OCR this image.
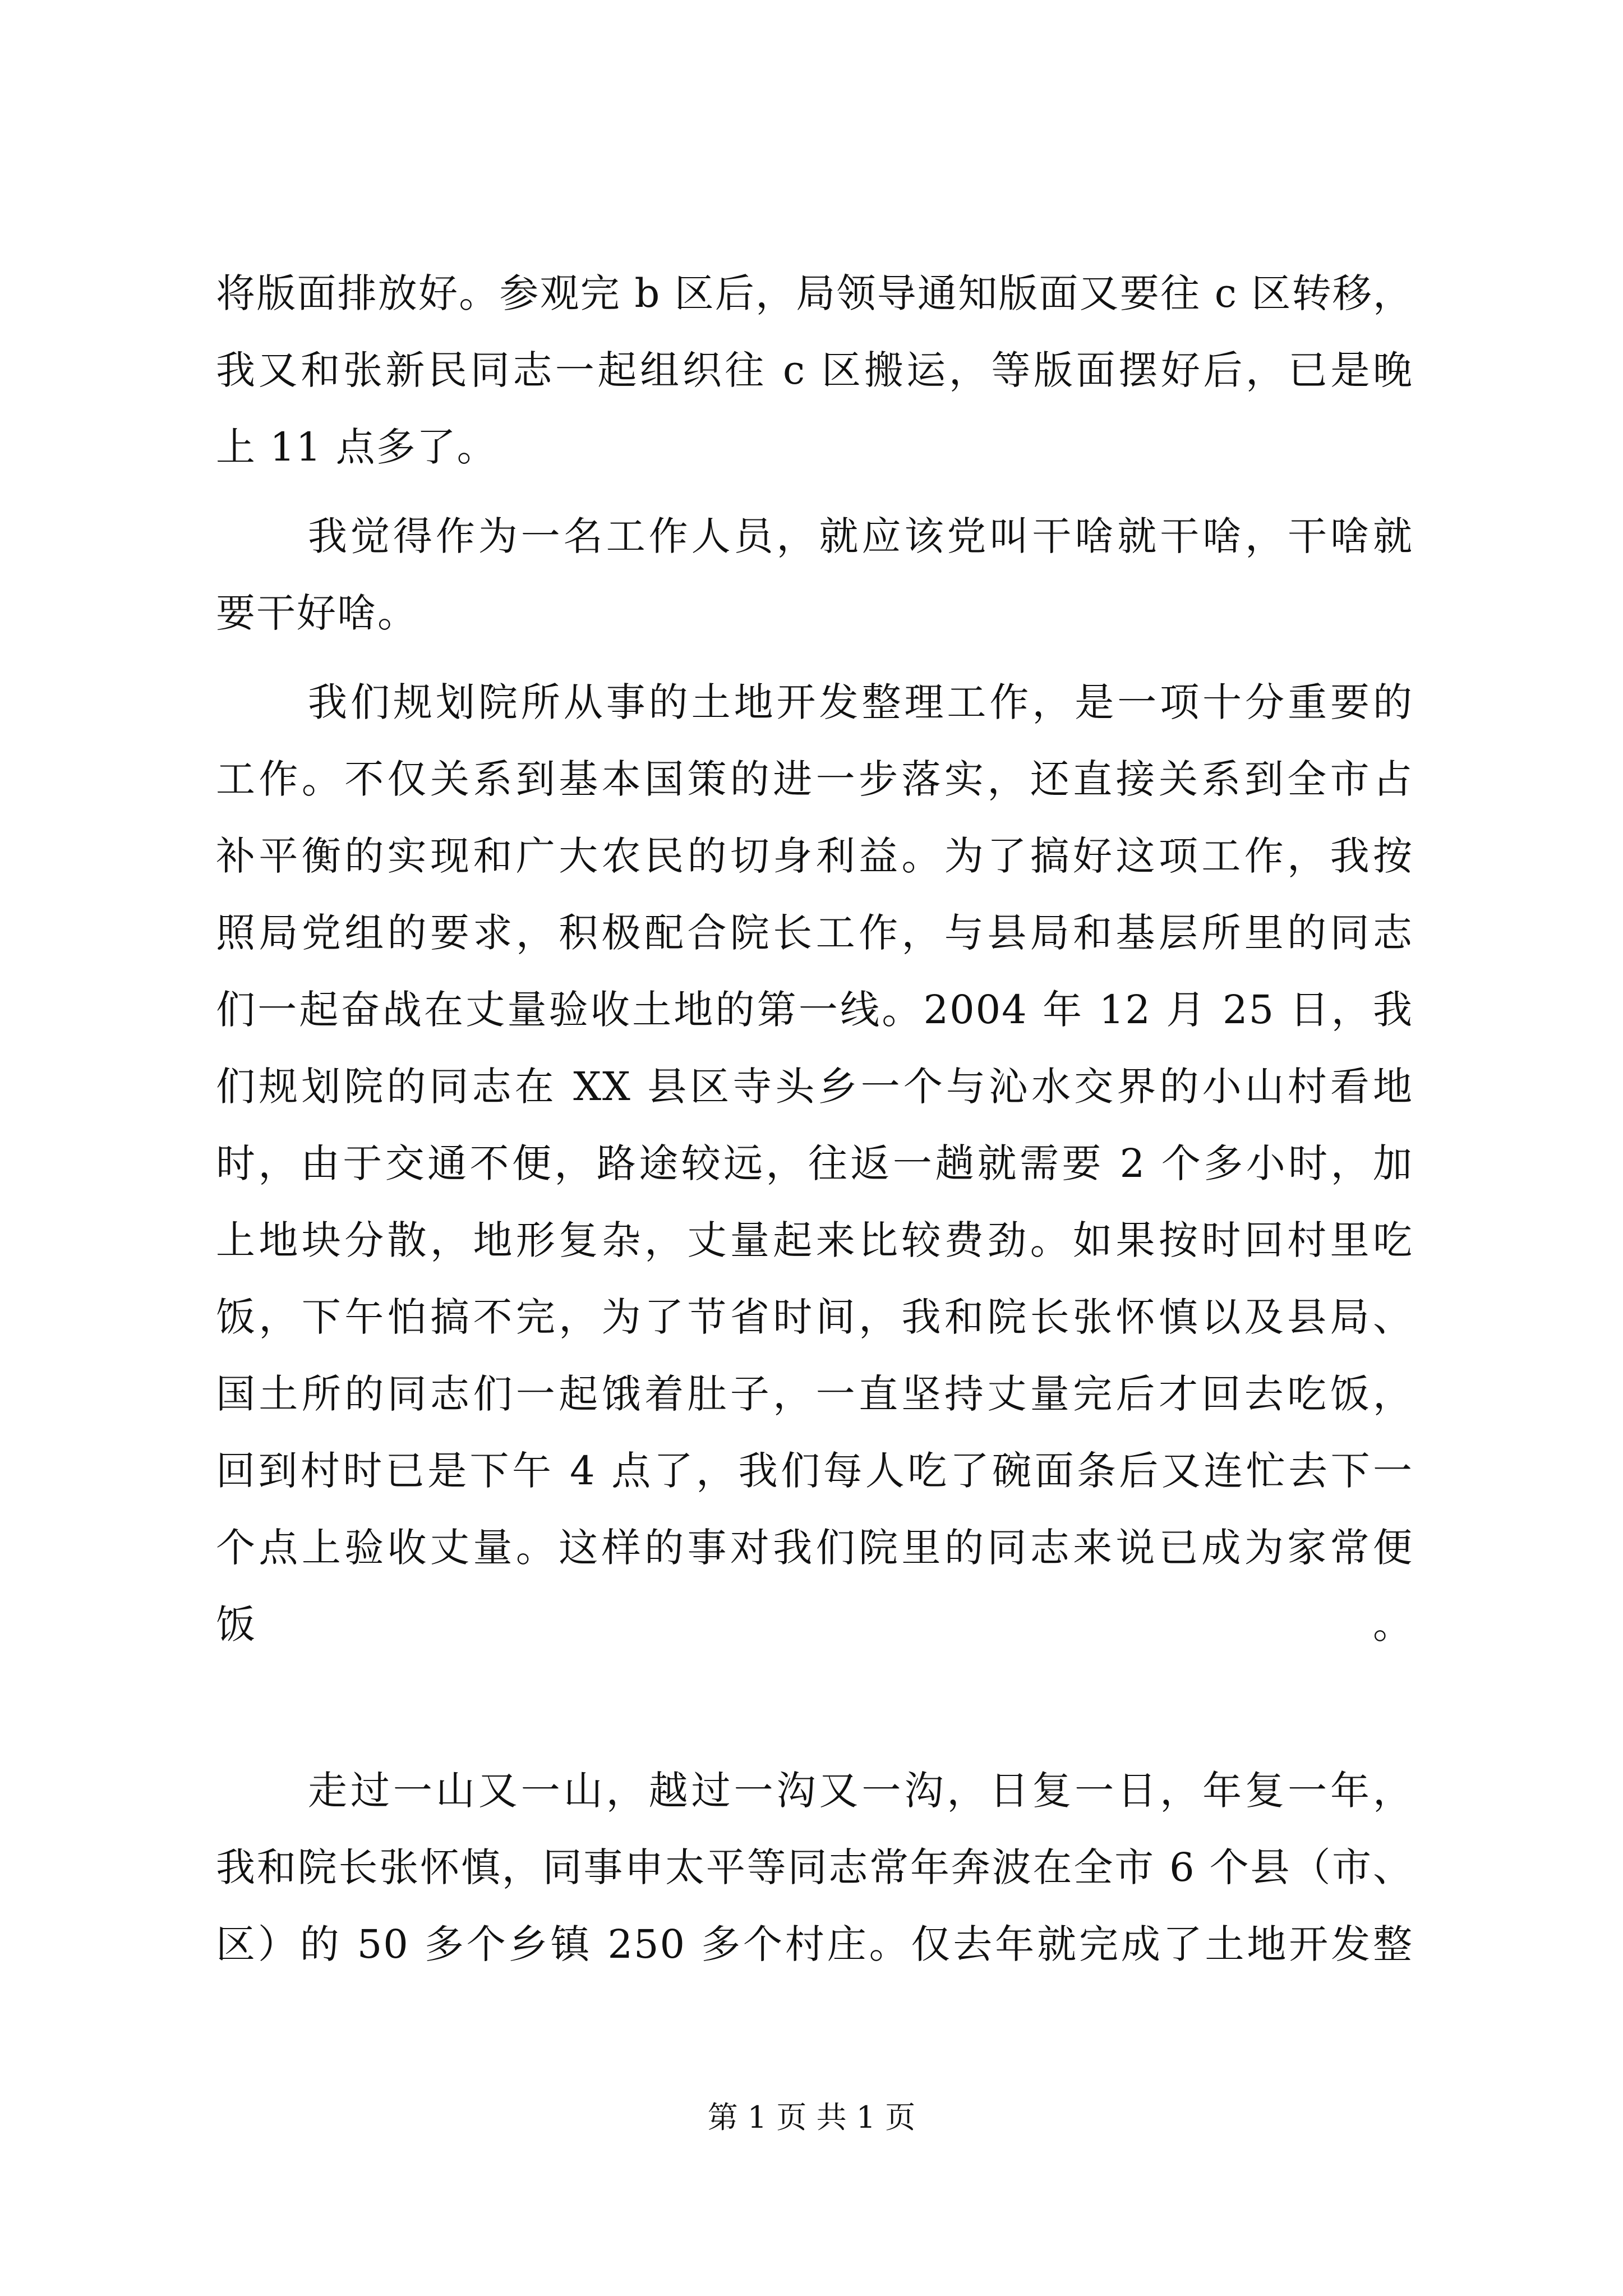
将版面排放好。参观完 b 区后，局领导通知版面又要往 c 区转移，
我又和张新民同志一起组织往 c 区搬运，等版面摆好后，已是晚
上 11 点多了。
我觉得作为一名工作人员，就应该党叫干啥就干啥，干啥就
要干好啥。
我们规划院所从事的土地开发整理工作，是一项十分重要的
工作。不仅关系到基本国策的进一步落实，还直接关系到全市占
补平衡的实现和广大农民的切身利益。为了搞好这项工作，我按
照局党组的要求，积极配合院长工作，与县局和基层所里的同志
们一起奋战在丈量验收土地的第一线。2004 年 12 月 25 日，我
们规划院的同志在 XX 县区寺头乡一个与沁水交界的小山村看地
时，由于交通不便，路途较远，往返一趟就需要 2 个多小时，加
上地块分散，地形复杂，丈量起来比较费劲。如果按时回村里吃
饭，下午怕搞不完，为了节省时间，我和院长张怀慎以及县局、
国土所的同志们一起饿着肚子，一直坚持丈量完后才回去吃饭，
回到村时已是下午 4 点了，我们每人吃了碗面条后又连忙去下一
个点上验收丈量。这样的事对我们院里的同志来说已成为家常便
饭。
走过一山又一山，越过一沟又一沟，日复一日，年复一年，
我和院长张怀慎，同事申太平等同志常年奔波在全市 6 个县（市、
区）的 50 多个乡镇 250 多个村庄。仅去年就完成了土地开发整
第 1 页 共 1 页
